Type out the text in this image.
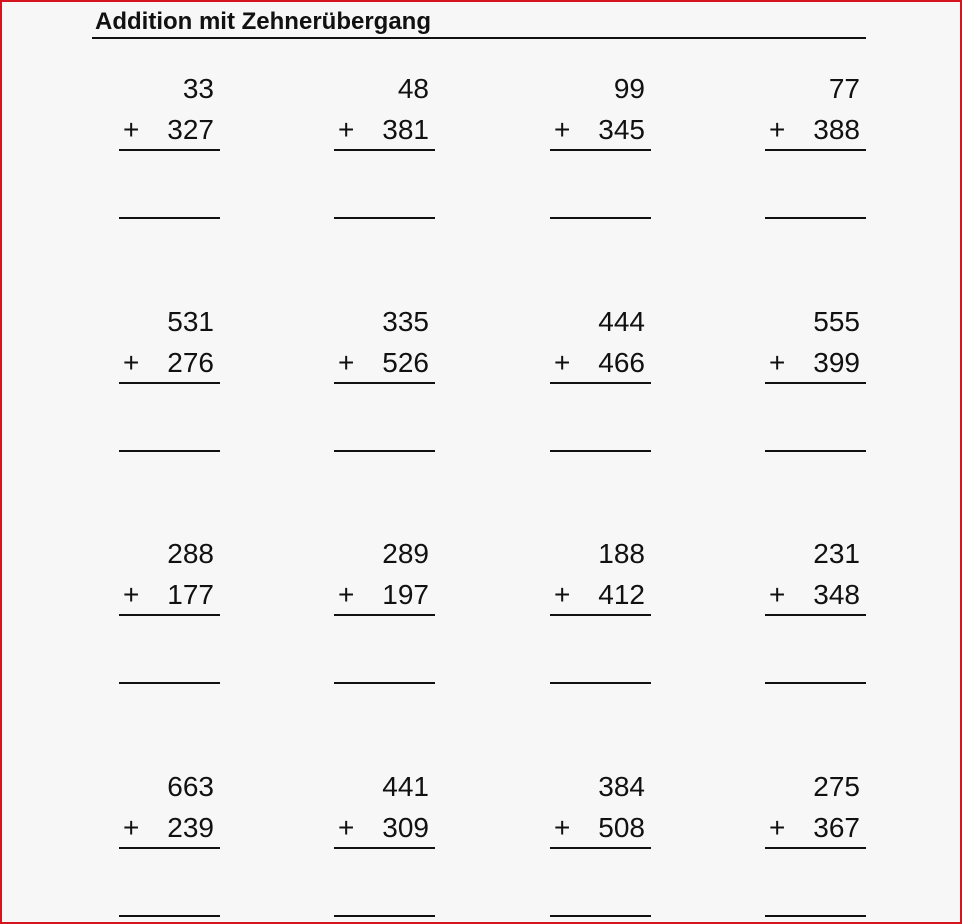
Addition mit Zehnerübergang
33
+ 327
48
+ 381
99
+ 345
77
+ 388
531
+ 276
335
+ 526
444
+ 466
555
+ 399
288
+ 177
289
+ 197
188
+ 412
231
+ 348
663
+ 239
441
+ 309
384
+ 508
275
+ 367
